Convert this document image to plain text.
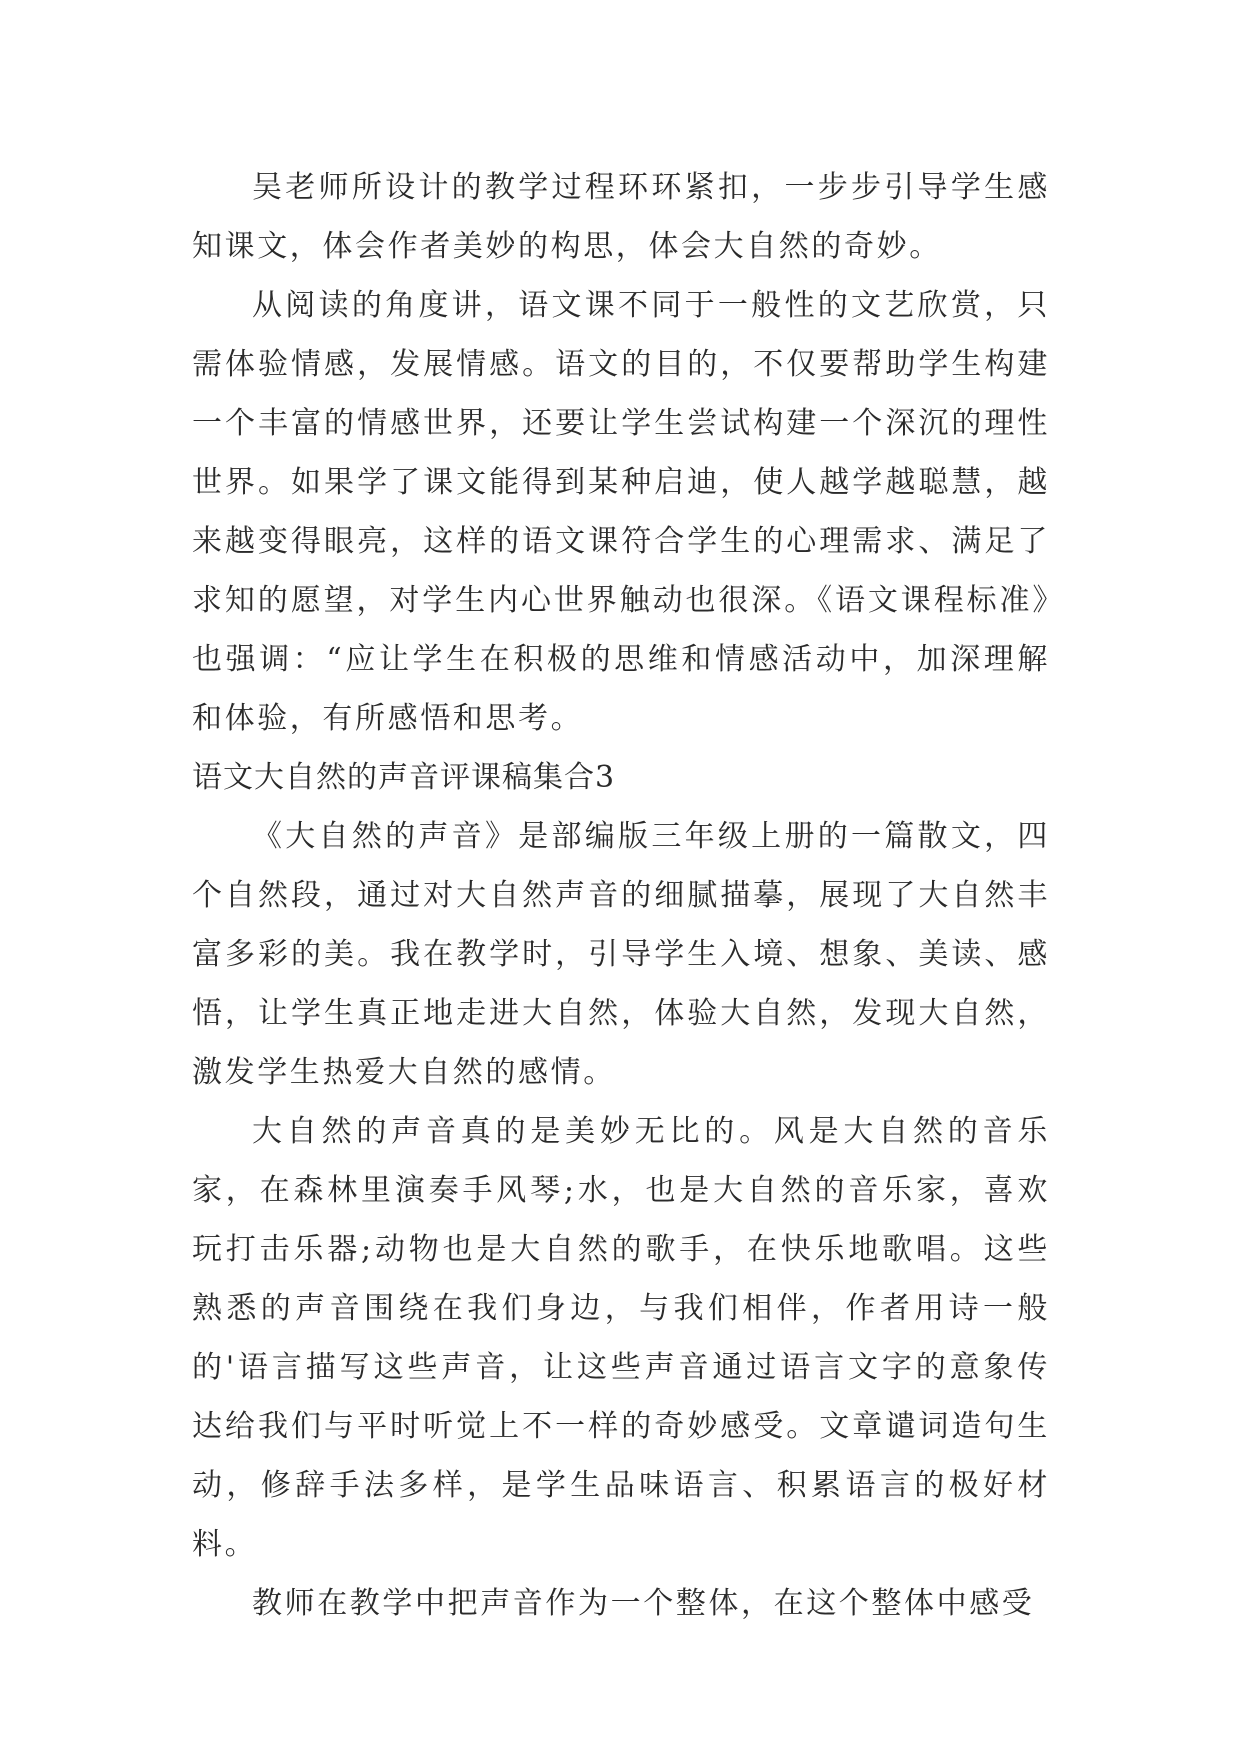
吴老师所设计的教学过程环环紧扣，一步步引导学生感知课文，体会作者美妙的构思，体会大自然的奇妙。

从阅读的角度讲，语文课不同于一般性的文艺欣赏，只需体验情感，发展情感。语文的目的，不仅要帮助学生构建一个丰富的情感世界，还要让学生尝试构建一个深沉的理性世界。如果学了课文能得到某种启迪，使人越学越聪慧，越来越变得眼亮，这样的语文课符合学生的心理需求、满足了求知的愿望，对学生内心世界触动也很深。《语文课程标准》也强调：“应让学生在积极的思维和情感活动中，加深理解和体验，有所感悟和思考。

语文大自然的声音评课稿集合3

《大自然的声音》是部编版三年级上册的一篇散文，四个自然段，通过对大自然声音的细腻描摹，展现了大自然丰富多彩的美。我在教学时，引导学生入境、想象、美读、感悟，让学生真正地走进大自然，体验大自然，发现大自然，激发学生热爱大自然的感情。

大自然的声音真的是美妙无比的。风是大自然的音乐家，在森林里演奏手风琴;水，也是大自然的音乐家，喜欢玩打击乐器;动物也是大自然的歌手，在快乐地歌唱。这些熟悉的声音围绕在我们身边，与我们相伴，作者用诗一般的'语言描写这些声音，让这些声音通过语言文字的意象传达给我们与平时听觉上不一样的奇妙感受。文章谴词造句生动，修辞手法多样，是学生品味语言、积累语言的极好材料。

教师在教学中把声音作为一个整体，在这个整体中感受
